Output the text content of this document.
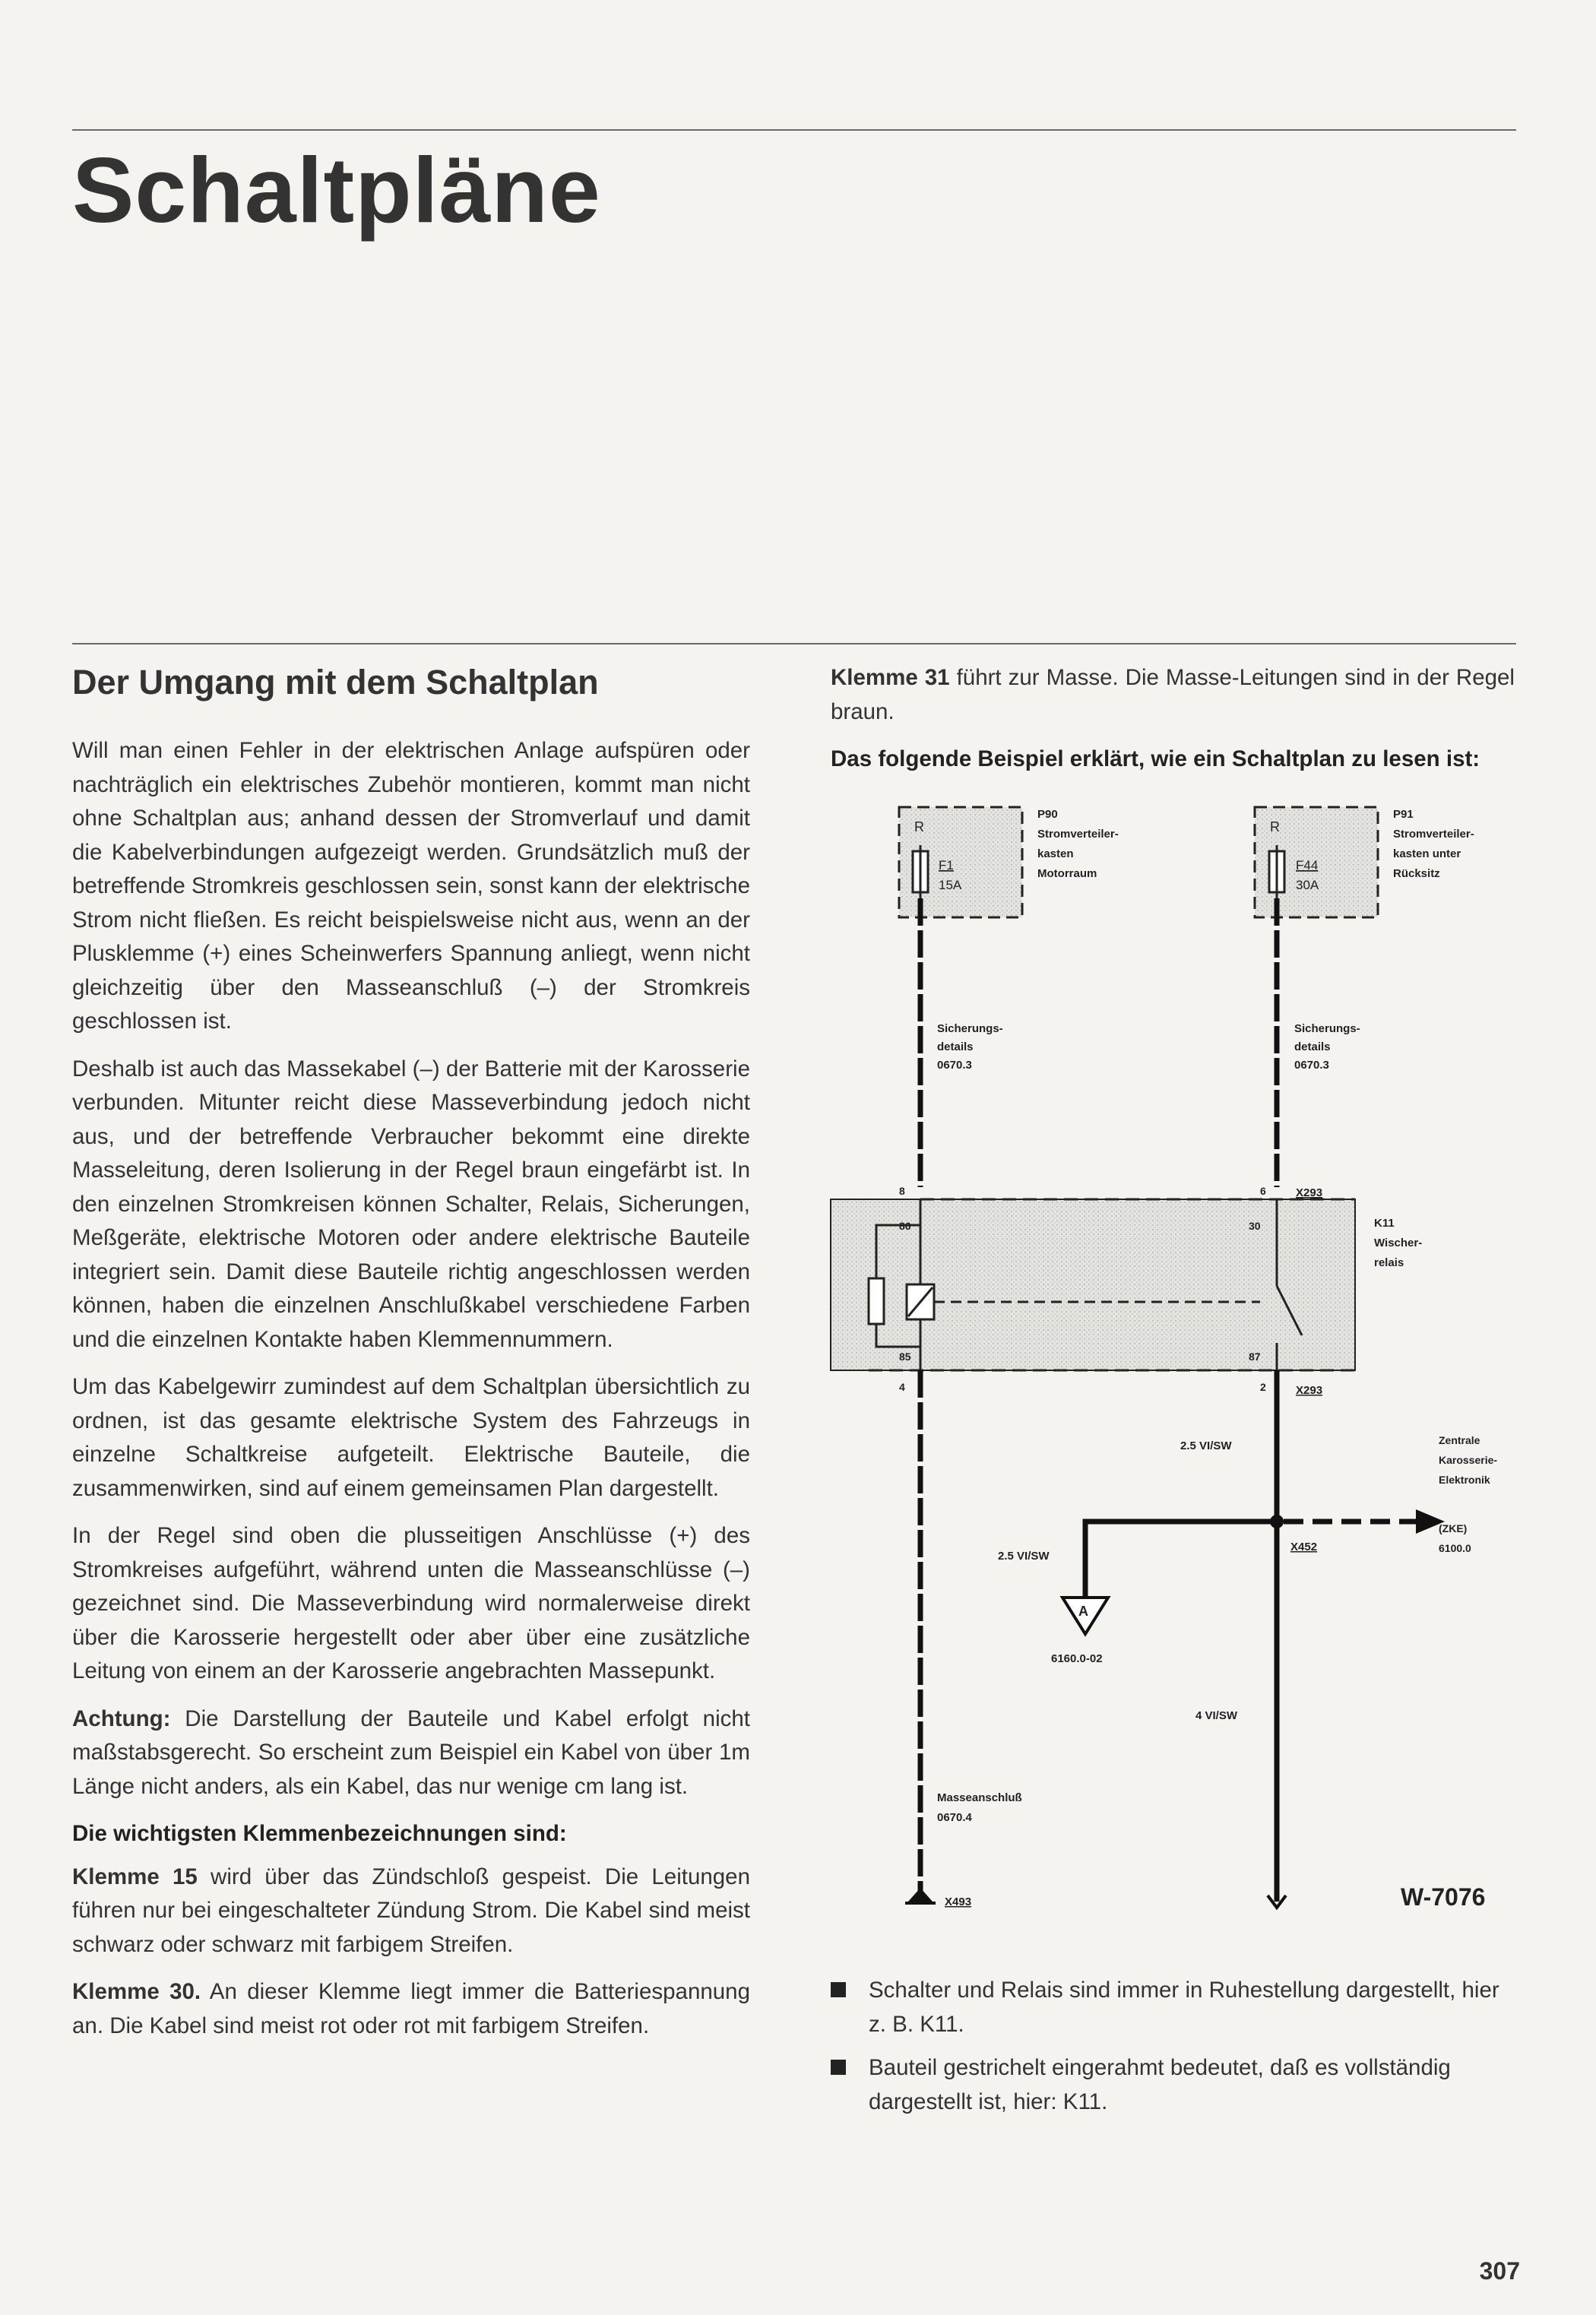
Schaltpläne
Der Umgang mit dem Schaltplan

Will man einen Fehler in der elektrischen Anlage aufspüren oder nachträglich ein elektrisches Zubehör montieren, kommt man nicht ohne Schaltplan aus; anhand dessen der Stromverlauf und damit die Kabelverbindungen aufgezeigt werden. Grundsätzlich muß der betreffende Stromkreis geschlossen sein, sonst kann der elektrische Strom nicht fließen. Es reicht beispielsweise nicht aus, wenn an der Plusklemme (+) eines Scheinwerfers Spannung anliegt, wenn nicht gleichzeitig über den Masseanschluß (–) der Stromkreis geschlossen ist.

Deshalb ist auch das Massekabel (–) der Batterie mit der Karosserie verbunden. Mitunter reicht diese Masseverbindung jedoch nicht aus, und der betreffende Verbraucher bekommt eine direkte Masseleitung, deren Isolierung in der Regel braun eingefärbt ist. In den einzelnen Stromkreisen können Schalter, Relais, Sicherungen, Meßgeräte, elektrische Motoren oder andere elektrische Bauteile integriert sein. Damit diese Bauteile richtig angeschlossen werden können, haben die einzelnen Anschlußkabel verschiedene Farben und die einzelnen Kontakte haben Klemmennummern.

Um das Kabelgewirr zumindest auf dem Schaltplan übersichtlich zu ordnen, ist das gesamte elektrische System des Fahrzeugs in einzelne Schaltkreise aufgeteilt. Elektrische Bauteile, die zusammenwirken, sind auf einem gemeinsamen Plan dargestellt.

In der Regel sind oben die plusseitigen Anschlüsse (+) des Stromkreises aufgeführt, während unten die Masseanschlüsse (–) gezeichnet sind. Die Masseverbindung wird normalerweise direkt über die Karosserie hergestellt oder aber über eine zusätzliche Leitung von einem an der Karosserie angebrachten Massepunkt.

Achtung: Die Darstellung der Bauteile und Kabel erfolgt nicht maßstabsgerecht. So erscheint zum Beispiel ein Kabel von über 1m Länge nicht anders, als ein Kabel, das nur wenige cm lang ist.

Die wichtigsten Klemmenbezeichnungen sind:

Klemme 15 wird über das Zündschloß gespeist. Die Leitungen führen nur bei eingeschalteter Zündung Strom. Die Kabel sind meist schwarz oder schwarz mit farbigem Streifen.

Klemme 30. An dieser Klemme liegt immer die Batteriespannung an. Die Kabel sind meist rot oder rot mit farbigem Streifen.

Klemme 31 führt zur Masse. Die Masse-Leitungen sind in der Regel braun.

Das folgende Beispiel erklärt, wie ein Schaltplan zu lesen ist:

R
F1
15A
P90
Stromverteiler-
kasten
Motorraum
R
F44
30A
P91
Stromverteiler-
kasten unter
Rücksitz
Sicherungs-
details
0670.3
Sicherungs-
details
0670.3
8	6	X293
K11
Wischer-
relais
86	30
85	87
4	2	X293
2.5 VI/SW
2.5 VI/SW
X452
Zentrale
Karosserie-
Elektronik
(ZKE)
6100.0
A
6160.0-02
4 VI/SW
Masseanschluß
0670.4
X493	W-7076
Schalter und Relais sind immer in Ruhestellung dargestellt, hier z. B. K11.
Bauteil gestrichelt eingerahmt bedeutet, daß es vollständig dargestellt ist, hier: K11.
307
